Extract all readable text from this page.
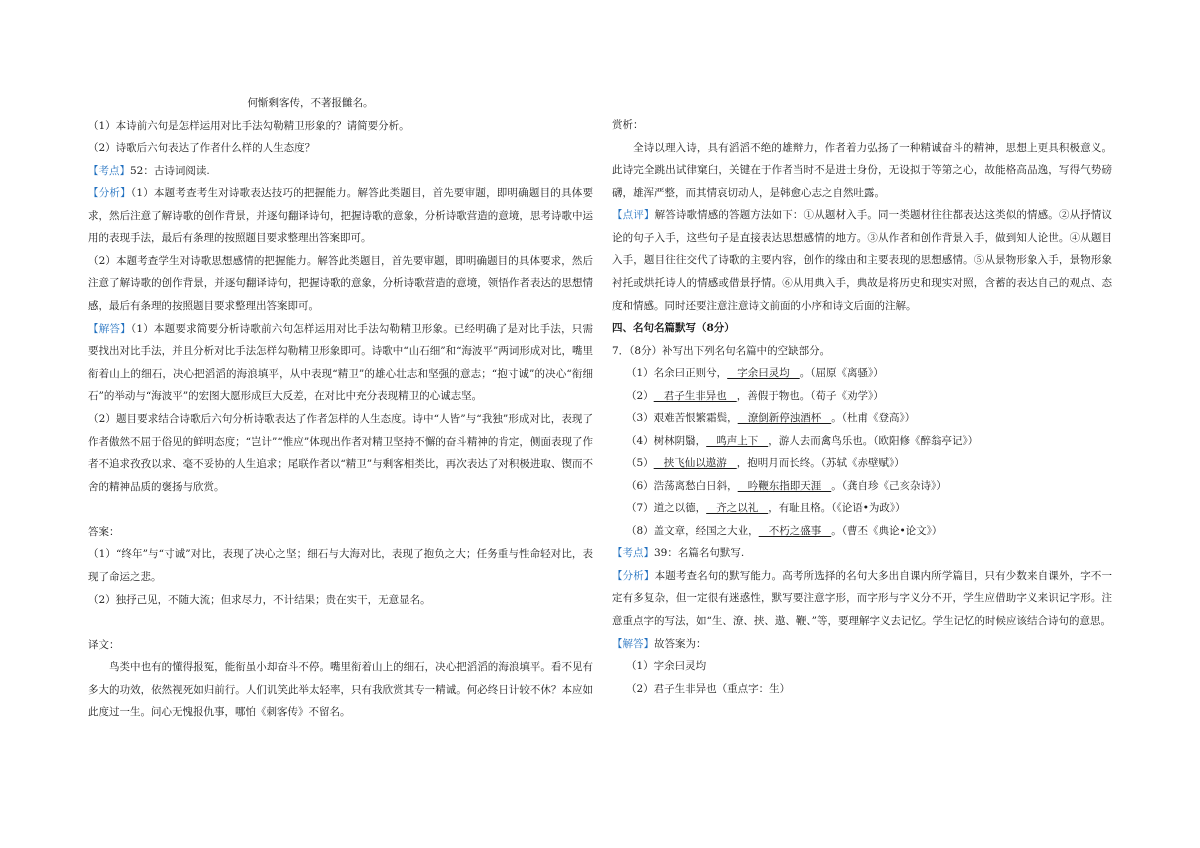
何惭剩客传，不著报雠名。

（1）本诗前六句是怎样运用对比手法勾勒精卫形象的？请简要分析。

（2）诗歌后六句表达了作者什么样的人生态度？

【考点】52：古诗词阅读.

【分析】（1）本题考查考生对诗歌表达技巧的把握能力。解答此类题目，首先要审题，即明确题目的具体要求，然后注意了解诗歌的创作背景，并逐句翻译诗句，把握诗歌的意象，分析诗歌营造的意境，思考诗歌中运用的表现手法，最后有条理的按照题目要求整理出答案即可。

（2）本题考查学生对诗歌思想感情的把握能力。解答此类题目，首先要审题，即明确题目的具体要求，然后注意了解诗歌的创作背景，并逐句翻译诗句，把握诗歌的意象，分析诗歌营造的意境，领悟作者表达的思想情感，最后有条理的按照题目要求整理出答案即可。

【解答】（1）本题要求简要分析诗歌前六句怎样运用对比手法勾勒精卫形象。已经明确了是对比手法，只需要找出对比手法，并且分析对比手法怎样勾勒精卫形象即可。诗歌中“山石细”和“海波平”两词形成对比，嘴里衔着山上的细石，决心把滔滔的海浪填平，从中表现“精卫”的雄心壮志和坚强的意志；“抱寸诚”的决心“衔细石”的举动与“海波平”的宏图大愿形成巨大反差，在对比中充分表现精卫的心诚志坚。

（2）题目要求结合诗歌后六句分析诗歌表达了作者怎样的人生态度。诗中“人皆”与“我独”形成对比，表现了作者傲然不屈于俗见的鲜明态度；“岂计”“惟应”体现出作者对精卫坚持不懈的奋斗精神的肯定，侧面表现了作者不追求孜孜以求、毫不妥协的人生追求；尾联作者以“精卫”与剩客相类比，再次表达了对积极进取、锲而不舍的精神品质的褒扬与欣赏。

答案：

（1）“终年”与“寸诚”对比，表现了决心之坚；细石与大海对比，表现了抱负之大；任务重与性命轻对比，表现了命运之悲。

（2）独抒己见，不随大流；但求尽力，不计结果；贵在实干，无意显名。

译文：

鸟类中也有的懂得报冤，能衔虽小却奋斗不停。嘴里衔着山上的细石，决心把滔滔的海浪填平。看不见有多大的功效，依然视死如归前行。人们讥笑此举太轻率，只有我欣赏其专一精诚。何必终日计较不休？本应如此度过一生。问心无愧报仇事，哪怕《刺客传》不留名。

赏析：

全诗以理入诗，具有滔滔不绝的雄辩力，作者着力弘扬了一种精诚奋斗的精神，思想上更具积极意义。此诗完全跳出试律窠臼，关键在于作者当时不是进士身份，无设拟于等第之心，故能格高品逸，写得气势磅礴，雄浑严整，而其情哀切动人，是韩愈心志之自然吐露。

【点评】解答诗歌情感的答题方法如下：①从题材入手。同一类题材往往都表达这类似的情感。②从抒情议论的句子入手，这些句子是直接表达思想感情的地方。③从作者和创作背景入手，做到知人论世。④从题目入手，题目往往交代了诗歌的主要内容，创作的缘由和主要表现的思想感情。⑤从景物形象入手，景物形象衬托或烘托诗人的情感或借景抒情。⑥从用典入手，典故是将历史和现实对照，含蓄的表达自己的观点、态度和情感。同时还要注意注意诗文前面的小序和诗文后面的注解。

四、名句名篇默写（8分）

7．（8分）补写出下列名句名篇中的空缺部分。

（1）名余曰正则兮，   字余曰灵均   。（屈原《离骚》）

（2）   君子生非异也   ，善假于物也。（荀子《劝学》）

（3）艰难苦恨繁霜鬓，   潦倒新停浊酒杯   。（杜甫《登高》）

（4）树林阴翳，   鸣声上下   ，游人去而禽鸟乐也。（欧阳修《醉翁亭记》）

（5）   挟飞仙以遨游   ，抱明月而长终。（苏轼《赤壁赋》）

（6）浩荡离愁白日斜，   吟鞭东指即天涯   。（龚自珍《己亥杂诗》）

（7）道之以德，   齐之以礼   ，有耻且格。（《论语•为政》）

（8）盖文章，经国之大业，   不朽之盛事   。（曹丕《典论•论文》）

【考点】39：名篇名句默写.

【分析】本题考查名句的默写能力。高考所选择的名句大多出自课内所学篇目，只有少数来自课外，字不一定有多复杂，但一定很有迷惑性，默写要注意字形，而字形与字义分不开，学生应借助字义来识记字形。注意重点字的写法，如“生、潦、挟、遨、鞭、”等，要理解字义去记忆。学生记忆的时候应该结合诗句的意思。

【解答】故答案为：

（1）字余曰灵均

（2）君子生非异也（重点字：生）
